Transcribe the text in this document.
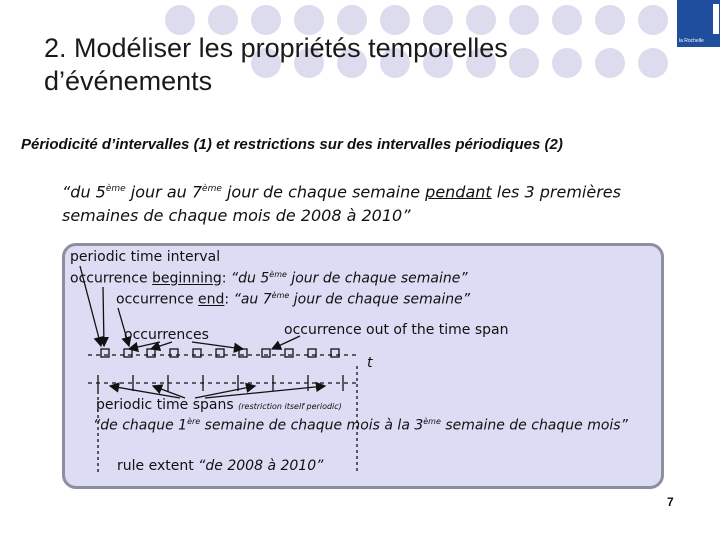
la Rochelle
2. Modéliser les propriétés temporelles
d’événements
Périodicité d’intervalles (1) et restrictions sur des intervalles périodiques (2)
“du 5ème jour au 7ème jour de chaque semaine pendant les 3 premières
semaines de chaque mois de 2008 à 2010”
periodic time interval
occurrence beginning: “du 5ème jour de chaque semaine”
occurrence end: “au 7ème jour de chaque semaine”
occurrences	occurrence out of the time span
t
periodic time spans (restriction itself periodic)
“de chaque 1ère semaine de chaque mois à la 3ème semaine de chaque mois”
rule extent “de 2008 à 2010”
7
